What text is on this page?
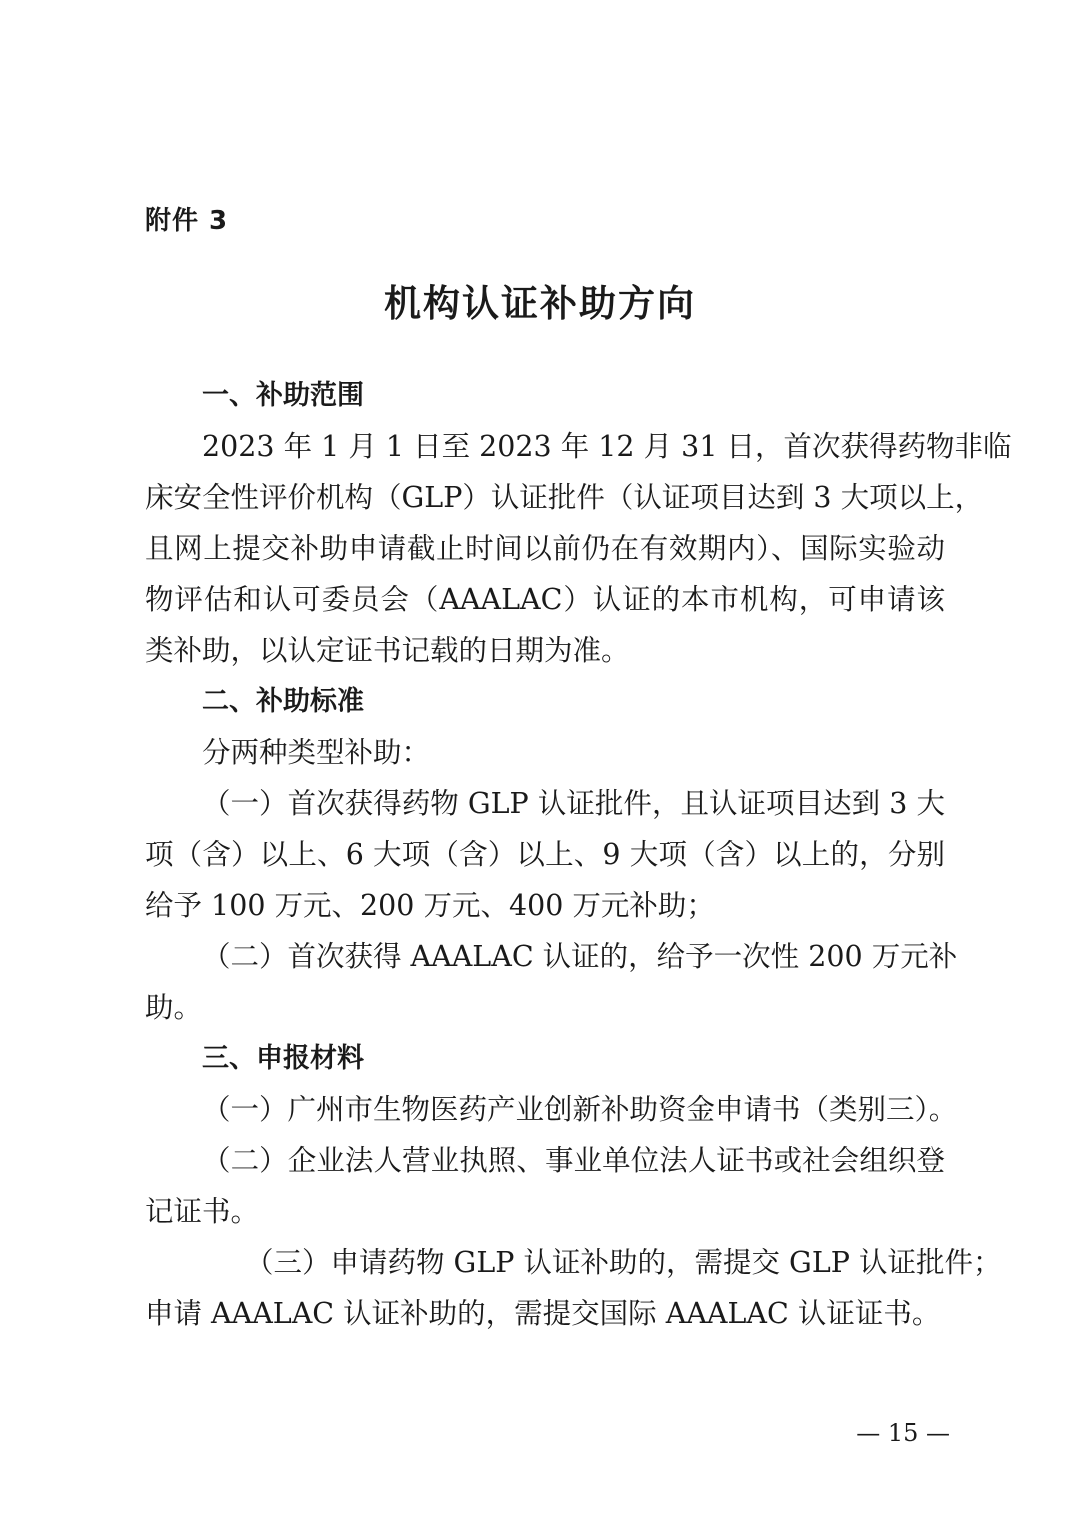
附件 3
机构认证补助方向
一、补助范围
2023 年 1 月 1 日至 2023 年 12 月 31 日，首次获得药物非临
床安全性评价机构（GLP）认证批件（认证项目达到 3 大项以上，
且网上提交补助申请截止时间以前仍在有效期内）、国际实验动
物评估和认可委员会（AAALAC）认证的本市机构，可申请该
类补助，以认定证书记载的日期为准。
二、补助标准
分两种类型补助：
（一）首次获得药物 GLP 认证批件，且认证项目达到 3 大
项（含）以上、6 大项（含）以上、9 大项（含）以上的，分别
给予 100 万元、200 万元、400 万元补助；
（二）首次获得 AAALAC 认证的，给予一次性 200 万元补
助。
三、申报材料
（一）广州市生物医药产业创新补助资金申请书（类别三）。
（二）企业法人营业执照、事业单位法人证书或社会组织登
记证书。
（三）申请药物 GLP 认证补助的，需提交 GLP 认证批件；
申请 AAALAC 认证补助的，需提交国际 AAALAC 认证证书。
— 15 —
